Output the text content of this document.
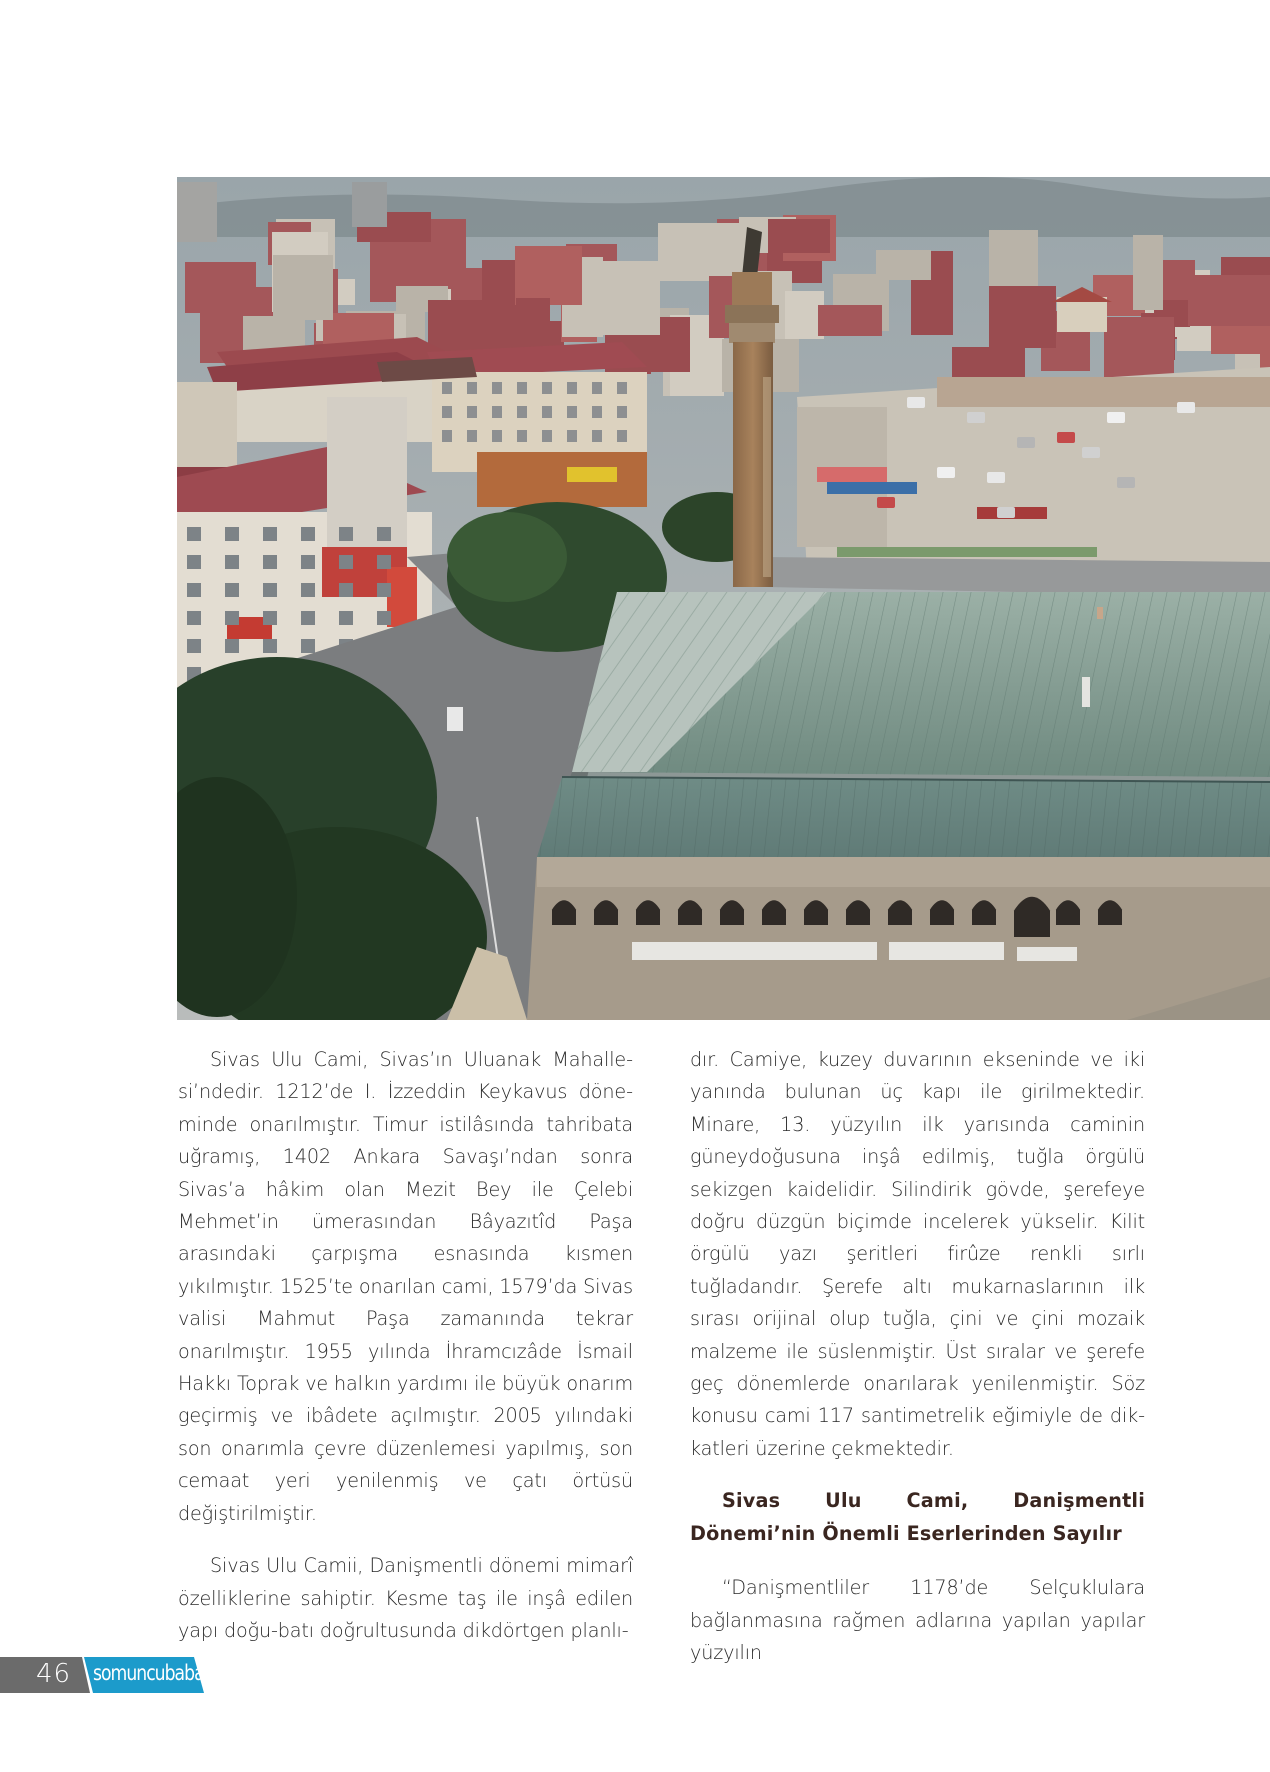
Sivas Ulu Cami, Sivas’ın Uluanak Mahallesi’ndedir. 1212’de I. İzzeddin Keykavus döneminde onarılmıştır. Timur istilâsında tahribata uğramış, 1402 Ankara Savaşı’ndan sonra Sivas’a hâkim olan Mezit Bey ile Çelebi Mehmet’in ümerasından Bâyazıtîd Paşa arasındaki çarpışma esnasında kısmen yıkılmıştır. 1525’te onarılan cami, 1579’da Sivas valisi Mahmut Paşa zamanında tekrar onarılmıştır. 1955 yılında İhramcızâde İsmail Hakkı Toprak ve halkın yardımı ile büyük onarım geçirmiş ve ibâdete açılmıştır. 2005 yılındaki son onarımla çevre düzenlemesi yapılmış, son cemaat yeri yenilenmiş ve çatı örtüsü değiştirilmiştir.

Sivas Ulu Camii, Danişmentli dönemi mimarî özelliklerine sahiptir. Kesme taş ile inşâ edilen yapı doğu-batı doğrultusunda dikdörtgen planlı-

dır. Camiye, kuzey duvarının ekseninde ve iki yanında bulunan üç kapı ile girilmektedir. Minare, 13. yüzyılın ilk yarısında caminin güneydoğusuna inşâ edilmiş, tuğla örgülü sekizgen kaidelidir. Silindirik gövde, şerefeye doğru düzgün biçimde incelerek yükselir. Kilit örgülü yazı şeritleri firûze renkli sırlı tuğladandır. Şerefe altı mukarnaslarının ilk sırası orijinal olup tuğla, çini ve çini mozaik malzeme ile süslenmiştir. Üst sıralar ve şerefe geç dönemlerde onarılarak yenilenmiştir. Söz konusu cami 117 santimetrelik eğimiyle de dikkatleri üzerine çekmektedir.

Sivas Ulu Cami, Danişmentli Dönemi’nin Önemli Eserlerinden Sayılır

“Danişmentliler 1178’de Selçuklulara bağlanmasına rağmen adlarına yapılan yapılar yüzyılın

46 somuncubaba
